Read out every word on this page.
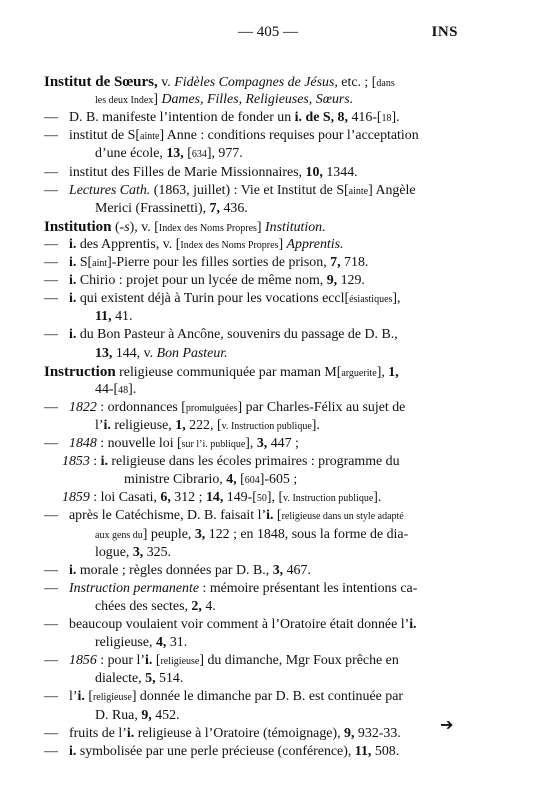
— 405 —	INS
Institut de Sœurs, v. Fidèles Compagnes de Jésus, etc. ; [dans
les deux Index] Dames, Filles, Religieuses, Sœurs.
— D. B. manifeste l’intention de fonder un i. de S, 8, 416-[18].
— institut de S[ainte] Anne : conditions requises pour l’acceptation
d’une école, 13, [634], 977.
— institut des Filles de Marie Missionnaires, 10, 1344.
— Lectures Cath. (1863, juillet) : Vie et Institut de S[ainte] Angèle
Merici (Frassinetti), 7, 436.
Institution (-s), v. [Index des Noms Propres] Institution.
— i. des Apprentis, v. [Index des Noms Propres] Apprentis.
— i. S[aint]-Pierre pour les filles sorties de prison, 7, 718.
— i. Chirio : projet pour un lycée de même nom, 9, 129.
— i. qui existent déjà à Turin pour les vocations eccl[ésiastiques],
11, 41.
— i. du Bon Pasteur à Ancône, souvenirs du passage de D. B.,
13, 144, v. Bon Pasteur.
Instruction religieuse communiquée par maman M[arguerite], 1,
44-[48].
— 1822 : ordonnances [promulguées] par Charles-Félix au sujet de
l’i. religieuse, 1, 222, [v. Instruction publique].
— 1848 : nouvelle loi [sur l’i. publique], 3, 447 ;
1853 : i. religieuse dans les écoles primaires : programme du
ministre Cibrario, 4, [604]-605 ;
1859 : loi Casati, 6, 312 ; 14, 149-[50], [v. Instruction publique].
— après le Catéchisme, D. B. faisait l’i. [religieuse dans un style adapté
aux gens du] peuple, 3, 122 ; en 1848, sous la forme de dia-
logue, 3, 325.
— i. morale ; règles données par D. B., 3, 467.
— Instruction permanente : mémoire présentant les intentions ca-
chées des sectes, 2, 4.
— beaucoup voulaient voir comment à l’Oratoire était donnée l’i.
religieuse, 4, 31.
— 1856 : pour l’i. [religieuse] du dimanche, Mgr Foux prêche en
dialecte, 5, 514.
— l’i. [religieuse] donnée le dimanche par D. B. est continuée par
D. Rua, 9, 452.
— fruits de l’i. religieuse à l’Oratoire (témoignage), 9, 932-33.
— i. symbolisée par une perle précieuse (conférence), 11, 508.
➔
